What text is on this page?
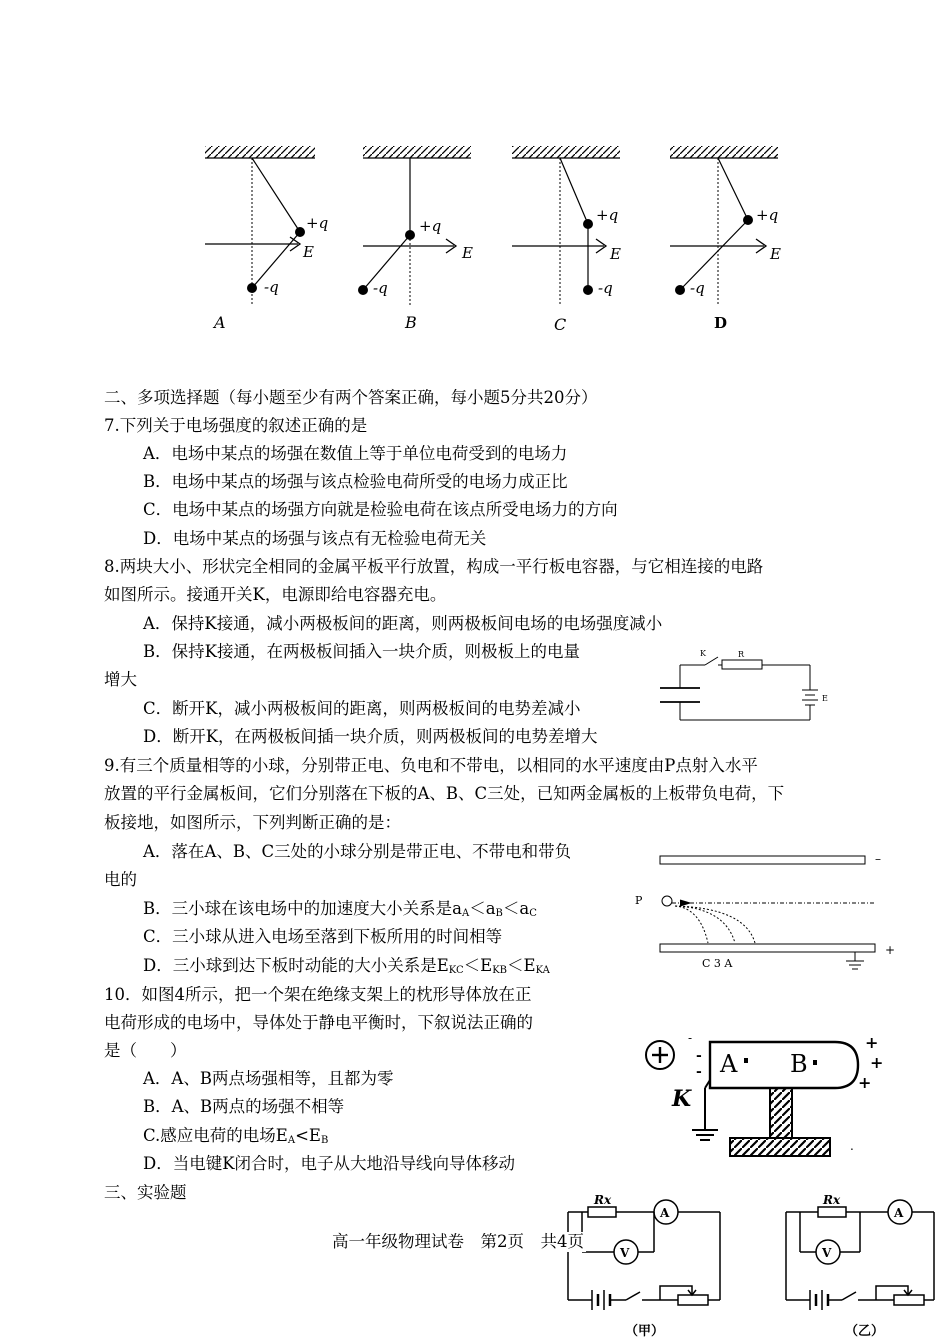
+q
E
-q
A
+q
E
-q
B
+q
E
-q
C
+q
E
-q
D
二、多项选择题（每小题至少有两个答案正确，每小题5分共20分）
7.下列关于电场强度的叙述正确的是
A．电场中某点的场强在数值上等于单位电荷受到的电场力
B．电场中某点的场强与该点检验电荷所受的电场力成正比
C．电场中某点的场强方向就是检验电荷在该点所受电场力的方向
D．电场中某点的场强与该点有无检验电荷无关
8.两块大小、形状完全相同的金属平板平行放置，构成一平行板电容器，与它相连接的电路
如图所示。接通开关K，电源即给电容器充电。
A．保持K接通，减小两极板间的距离，则两极板间电场的电场强度减小
B．保持K接通，在两极板间插入一块介质，则极板上的电量
增大
C．断开K，减小两极板间的距离，则两极板间的电势差减小
D．断开K，在两极板间插一块介质，则两极板间的电势差增大
K	R
E
9.有三个质量相等的小球，分别带正电、负电和不带电，以相同的水平速度由P点射入水平
放置的平行金属板间，它们分别落在下板的A、B、C三处，已知两金属板的上板带负电荷，下
板接地，如图所示，下列判断正确的是：
A．落在A、B、C三处的小球分别是带正电、不带电和带负
电的
B．三小球在该电场中的加速度大小关系是$a_A<a_B<a_C$
C．三小球从进入电场至落到下板所用的时间相等
D．三小球到达下板时动能的大小关系是$E_{KC}<E_{KB}<E_{KA}$
–
P
+
C 3 A
10．如图4所示，把一个架在绝缘支架上的枕形导体放在正
电荷形成的电场中，导体处于静电平衡时，下叙说法正确的
是（　　）
A．A、B两点场强相等，且都为零
B．A、B两点的场强不相等
C.感应电荷的电场$E_A<E_B$
D．当电键K闭合时，电子从大地沿导线向导体移动
-
-
- A B
+
+
+
.
K
三、实验题	Rx
A
V
（甲）
Rx
A
V
（乙）
高一年级物理试卷　第2页　共4页
